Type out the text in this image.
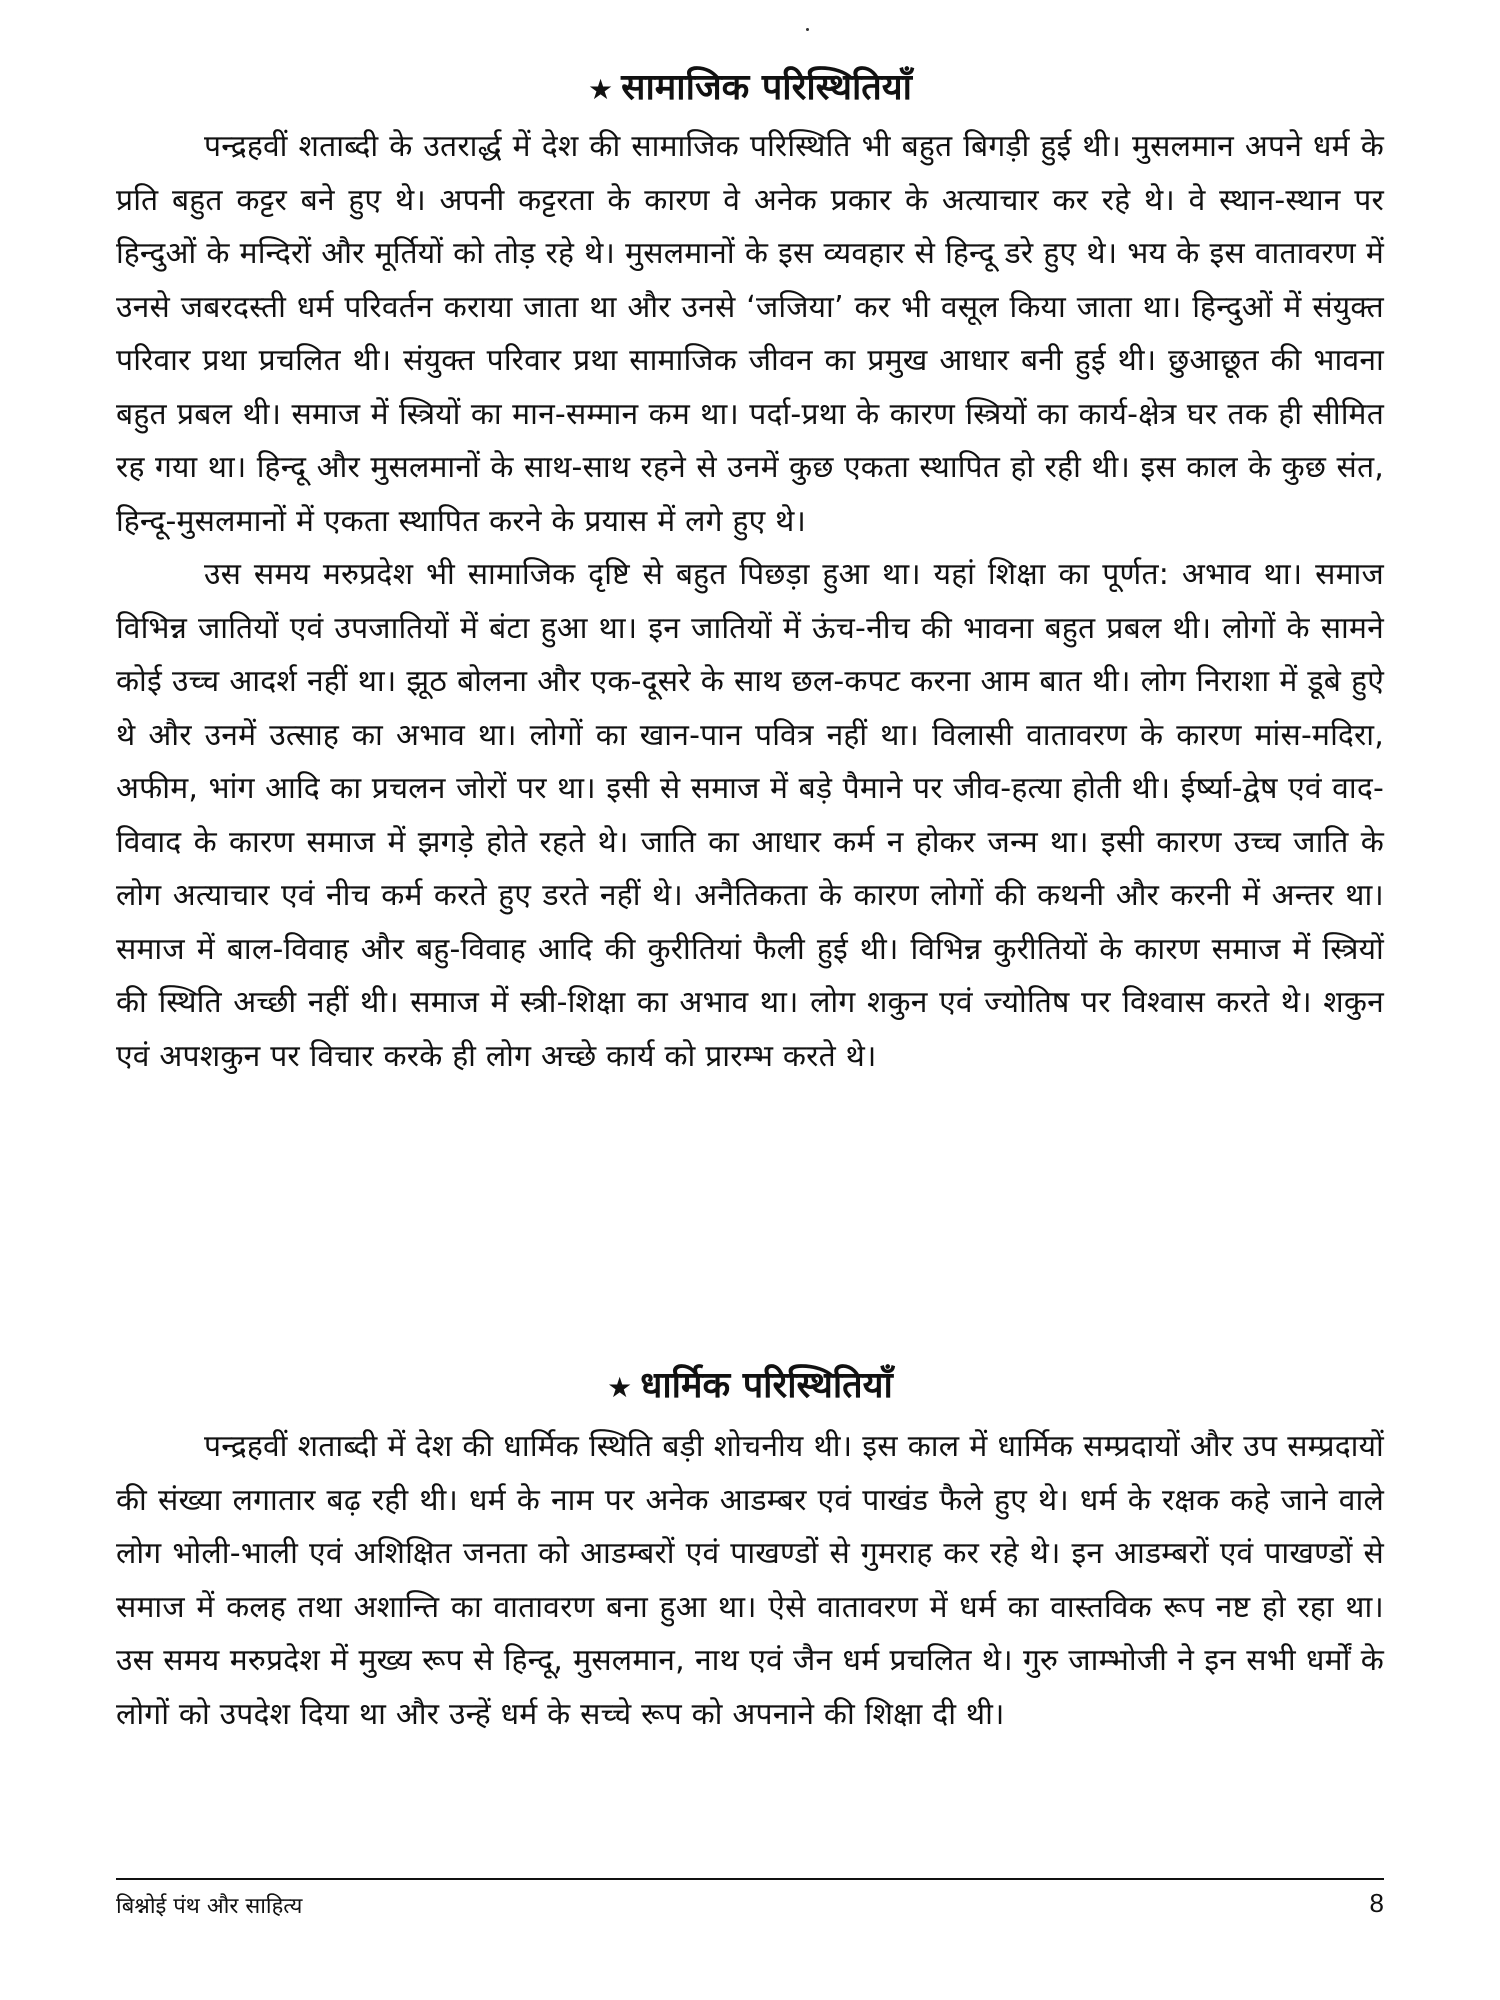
★ सामाजिक परिस्थितियाँ

पन्द्रहवीं शताब्दी के उतरार्द्ध में देश की सामाजिक परिस्थिति भी बहुत बिगड़ी हुई थी। मुसलमान अपने धर्म के प्रति बहुत कट्टर बने हुए थे। अपनी कट्टरता के कारण वे अनेक प्रकार के अत्याचार कर रहे थे। वे स्थान-स्थान पर हिन्दुओं के मन्दिरों और मूर्तियों को तोड़ रहे थे। मुसलमानों के इस व्यवहार से हिन्दू डरे हुए थे। भय के इस वातावरण में उनसे जबरदस्ती धर्म परिवर्तन कराया जाता था और उनसे ‘जजिया’ कर भी वसूल किया जाता था। हिन्दुओं में संयुक्त परिवार प्रथा प्रचलित थी। संयुक्त परिवार प्रथा सामाजिक जीवन का प्रमुख आधार बनी हुई थी। छुआछूत की भावना बहुत प्रबल थी। समाज में स्त्रियों का मान-सम्मान कम था। पर्दा-प्रथा के कारण स्त्रियों का कार्य-क्षेत्र घर तक ही सीमित रह गया था। हिन्दू और मुसलमानों के साथ-साथ रहने से उनमें कुछ एकता स्थापित हो रही थी। इस काल के कुछ संत, हिन्दू-मुसलमानों में एकता स्थापित करने के प्रयास में लगे हुए थे।

उस समय मरुप्रदेश भी सामाजिक दृष्टि से बहुत पिछड़ा हुआ था। यहां शिक्षा का पूर्णत: अभाव था। समाज विभिन्न जातियों एवं उपजातियों में बंटा हुआ था। इन जातियों में ऊंच-नीच की भावना बहुत प्रबल थी। लोगों के सामने कोई उच्च आदर्श नहीं था। झूठ बोलना और एक-दूसरे के साथ छल-कपट करना आम बात थी। लोग निराशा में डूबे हुऐ थे और उनमें उत्साह का अभाव था। लोगों का खान-पान पवित्र नहीं था। विलासी वातावरण के कारण मांस-मदिरा, अफीम, भांग आदि का प्रचलन जोरों पर था। इसी से समाज में बड़े पैमाने पर जीव-हत्या होती थी। ईर्ष्या-द्वेष एवं वाद-विवाद के कारण समाज में झगड़े होते रहते थे। जाति का आधार कर्म न होकर जन्म था। इसी कारण उच्च जाति के लोग अत्याचार एवं नीच कर्म करते हुए डरते नहीं थे। अनैतिकता के कारण लोगों की कथनी और करनी में अन्तर था। समाज में बाल-विवाह और बहु-विवाह आदि की कुरीतियां फैली हुई थी। विभिन्न कुरीतियों के कारण समाज में स्त्रियों की स्थिति अच्छी नहीं थी। समाज में स्त्री-शिक्षा का अभाव था। लोग शकुन एवं ज्योतिष पर विश्वास करते थे। शकुन एवं अपशकुन पर विचार करके ही लोग अच्छे कार्य को प्रारम्भ करते थे।

★ धार्मिक परिस्थितियाँ

पन्द्रहवीं शताब्दी में देश की धार्मिक स्थिति बड़ी शोचनीय थी। इस काल में धार्मिक सम्प्रदायों और उप सम्प्रदायों की संख्या लगातार बढ़ रही थी। धर्म के नाम पर अनेक आडम्बर एवं पाखंड फैले हुए थे। धर्म के रक्षक कहे जाने वाले लोग भोली-भाली एवं अशिक्षित जनता को आडम्बरों एवं पाखण्डों से गुमराह कर रहे थे। इन आडम्बरों एवं पाखण्डों से समाज में कलह तथा अशान्ति का वातावरण बना हुआ था। ऐसे वातावरण में धर्म का वास्तविक रूप नष्ट हो रहा था। उस समय मरुप्रदेश में मुख्य रूप से हिन्दू, मुसलमान, नाथ एवं जैन धर्म प्रचलित थे। गुरु जाम्भोजी ने इन सभी धर्मों के लोगों को उपदेश दिया था और उन्हें धर्म के सच्चे रूप को अपनाने की शिक्षा दी थी।

बिश्नोई पंथ और साहित्य	8
